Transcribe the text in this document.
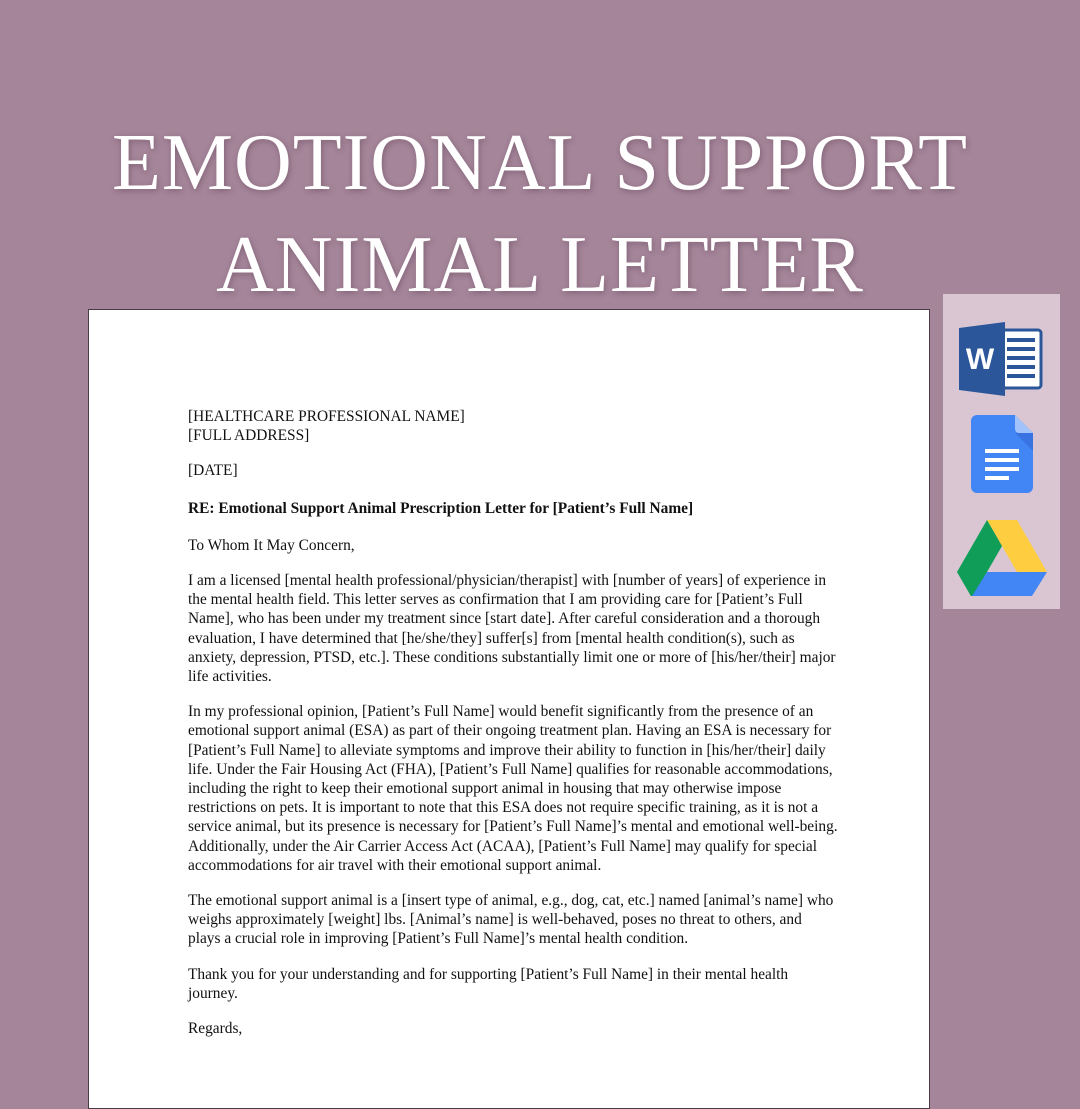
EMOTIONAL SUPPORT
ANIMAL LETTER

[HEALTHCARE PROFESSIONAL NAME]

[FULL ADDRESS]

[DATE]

RE: Emotional Support Animal Prescription Letter for [Patient’s Full Name]

To Whom It May Concern,

I am a licensed [mental health professional/physician/therapist] with [number of years] of experience in the mental health field. This letter serves as confirmation that I am providing care for [Patient’s Full Name], who has been under my treatment since [start date]. After careful consideration and a thorough evaluation, I have determined that [he/she/they] suffer[s] from [mental health condition(s), such as anxiety, depression, PTSD, etc.]. These conditions substantially limit one or more of [his/her/their] major life activities.

In my professional opinion, [Patient’s Full Name] would benefit significantly from the presence of an emotional support animal (ESA) as part of their ongoing treatment plan. Having an ESA is necessary for [Patient’s Full Name] to alleviate symptoms and improve their ability to function in [his/her/their] daily life. Under the Fair Housing Act (FHA), [Patient’s Full Name] qualifies for reasonable accommodations, including the right to keep their emotional support animal in housing that may otherwise impose restrictions on pets. It is important to note that this ESA does not require specific training, as it is not a service animal, but its presence is necessary for [Patient’s Full Name]’s mental and emotional well-being. Additionally, under the Air Carrier Access Act (ACAA), [Patient’s Full Name] may qualify for special accommodations for air travel with their emotional support animal.

The emotional support animal is a [insert type of animal, e.g., dog, cat, etc.] named [animal’s name] who weighs approximately [weight] lbs. [Animal’s name] is well-behaved, poses no threat to others, and plays a crucial role in improving [Patient’s Full Name]’s mental health condition.

Thank you for your understanding and for supporting [Patient’s Full Name] in their mental health journey.

Regards,

W
